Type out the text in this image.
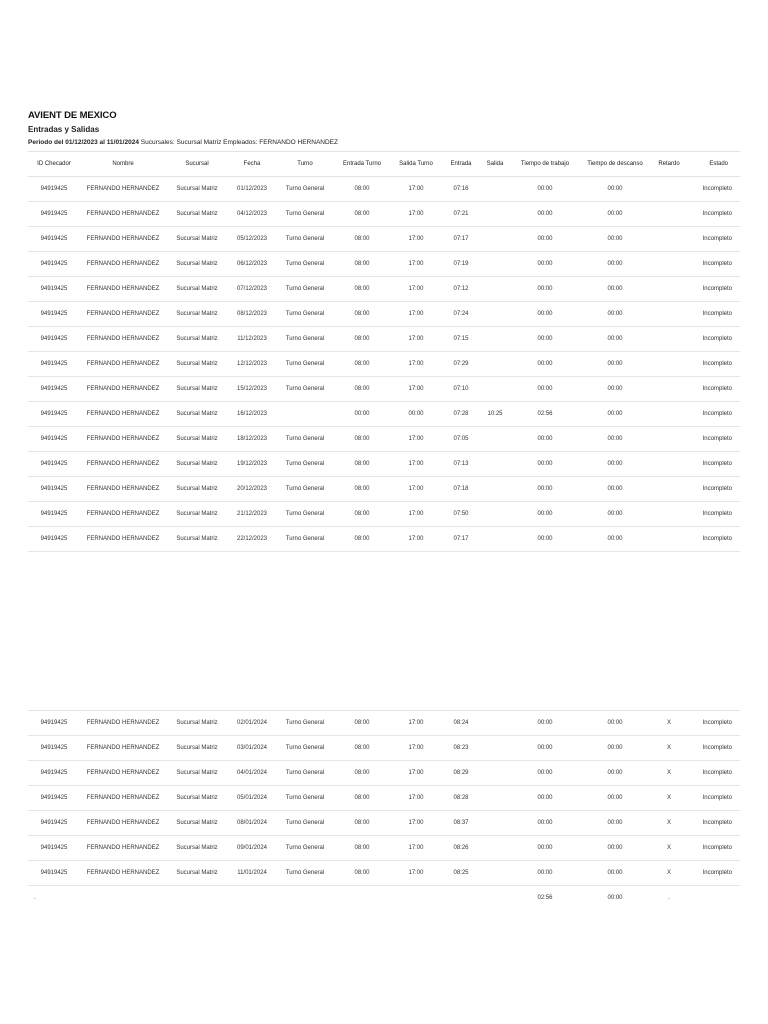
AVIENT DE MEXICO
Entradas y Salidas
Periodo del 01/12/2023 al 11/01/2024 Sucursales: Sucursal Matriz Empleados: FERNANDO HERNANDEZ
ID Checador	Nombre	Sucursal	Fecha	Turno	Entrada Turno	Salida Turno	Entrada	Salida	Tiempo de trabajo	Tiempo de descanso	Retardo	Estado
94919425	FERNANDO HERNANDEZ	Sucursal Matriz	01/12/2023	Turno General	08:00	17:00	07:16		00:00	00:00		Incompleto
94919425	FERNANDO HERNANDEZ	Sucursal Matriz	04/12/2023	Turno General	08:00	17:00	07:21		00:00	00:00		Incompleto
94919425	FERNANDO HERNANDEZ	Sucursal Matriz	05/12/2023	Turno General	08:00	17:00	07:17		00:00	00:00		Incompleto
94919425	FERNANDO HERNANDEZ	Sucursal Matriz	06/12/2023	Turno General	08:00	17:00	07:19		00:00	00:00		Incompleto
94919425	FERNANDO HERNANDEZ	Sucursal Matriz	07/12/2023	Turno General	08:00	17:00	07:12		00:00	00:00		Incompleto
94919425	FERNANDO HERNANDEZ	Sucursal Matriz	08/12/2023	Turno General	08:00	17:00	07:24		00:00	00:00		Incompleto
94919425	FERNANDO HERNANDEZ	Sucursal Matriz	11/12/2023	Turno General	08:00	17:00	07:15		00:00	00:00		Incompleto
94919425	FERNANDO HERNANDEZ	Sucursal Matriz	12/12/2023	Turno General	08:00	17:00	07:29		00:00	00:00		Incompleto
94919425	FERNANDO HERNANDEZ	Sucursal Matriz	15/12/2023	Turno General	08:00	17:00	07:10		00:00	00:00		Incompleto
94919425	FERNANDO HERNANDEZ	Sucursal Matriz	16/12/2023		00:00	00:00	07:28	10:25	02:56	00:00		Incompleto
94919425	FERNANDO HERNANDEZ	Sucursal Matriz	18/12/2023	Turno General	08:00	17:00	07:05		00:00	00:00		Incompleto
94919425	FERNANDO HERNANDEZ	Sucursal Matriz	19/12/2023	Turno General	08:00	17:00	07:13		00:00	00:00		Incompleto
94919425	FERNANDO HERNANDEZ	Sucursal Matriz	20/12/2023	Turno General	08:00	17:00	07:18		00:00	00:00		Incompleto
94919425	FERNANDO HERNANDEZ	Sucursal Matriz	21/12/2023	Turno General	08:00	17:00	07:50		00:00	00:00		Incompleto
94919425	FERNANDO HERNANDEZ	Sucursal Matriz	22/12/2023	Turno General	08:00	17:00	07:17		00:00	00:00		Incompleto
94919425	FERNANDO HERNANDEZ	Sucursal Matriz	02/01/2024	Turno General	08:00	17:00	08:24		00:00	00:00	X	Incompleto
94919425	FERNANDO HERNANDEZ	Sucursal Matriz	03/01/2024	Turno General	08:00	17:00	08:23		00:00	00:00	X	Incompleto
94919425	FERNANDO HERNANDEZ	Sucursal Matriz	04/01/2024	Turno General	08:00	17:00	08:29		00:00	00:00	X	Incompleto
94919425	FERNANDO HERNANDEZ	Sucursal Matriz	05/01/2024	Turno General	08:00	17:00	08:28		00:00	00:00	X	Incompleto
94919425	FERNANDO HERNANDEZ	Sucursal Matriz	08/01/2024	Turno General	08:00	17:00	08:37		00:00	00:00	X	Incompleto
94919425	FERNANDO HERNANDEZ	Sucursal Matriz	09/01/2024	Turno General	08:00	17:00	08:26		00:00	00:00	X	Incompleto
94919425	FERNANDO HERNANDEZ	Sucursal Matriz	11/01/2024	Turno General	08:00	17:00	08:25		00:00	00:00	X	Incompleto
.									02:56	00:00	.	
